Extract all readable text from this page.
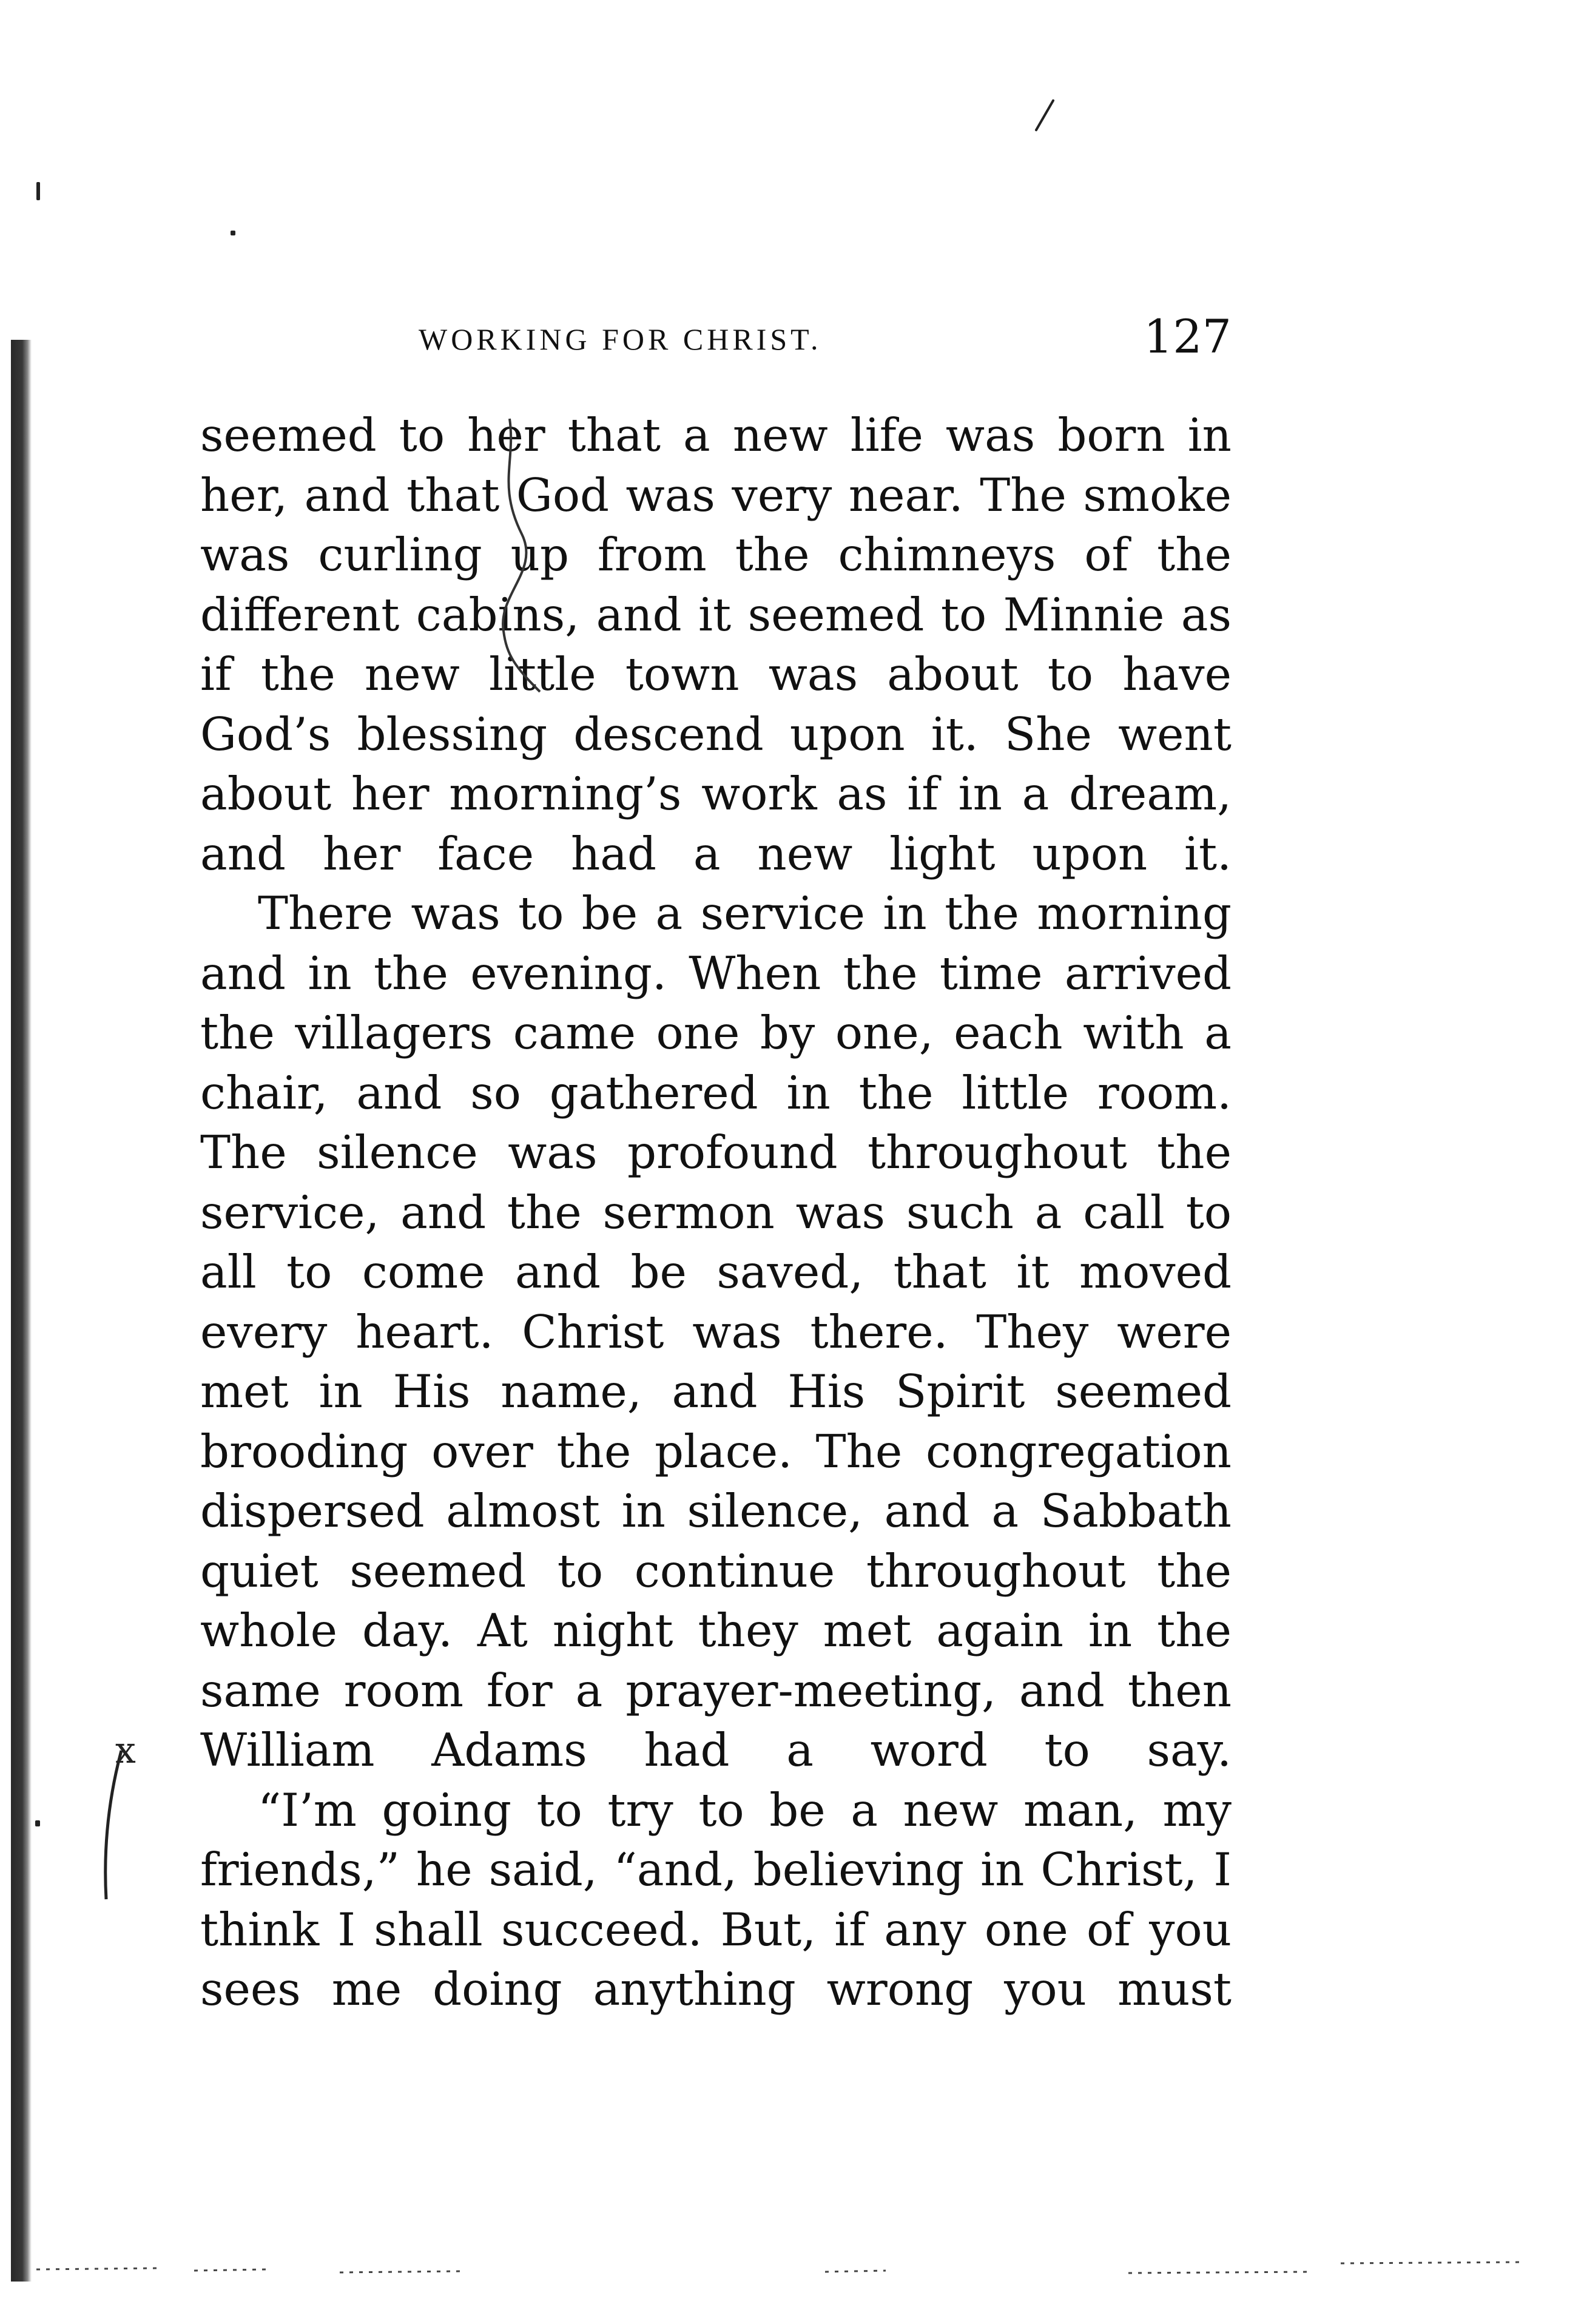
WORKING FOR CHRIST.	127

seemed to her that a new life was born in her, and that God was very near. The smoke was curling up from the chimneys of the different cabins, and it seemed to Minnie as if the new little town was about to have God’s blessing descend upon it. She went about her morning’s work as if in a dream, and her face had a new light upon it.

There was to be a service in the morning and in the evening. When the time arrived the villagers came one by one, each with a chair, and so gathered in the little room. The silence was profound throughout the service, and the sermon was such a call to all to come and be saved, that it moved every heart. Christ was there. They were met in His name, and His Spirit seemed brooding over the place. The congregation dispersed almost in silence, and a Sabbath quiet seemed to continue throughout the whole day. At night they met again in the same room for a prayer-meeting, and then William Adams had a word to say.

“I’m going to try to be a new man, my friends,” he said, “and, believing in Christ, I think I shall succeed. But, if any one of you sees me doing anything wrong you must

x
